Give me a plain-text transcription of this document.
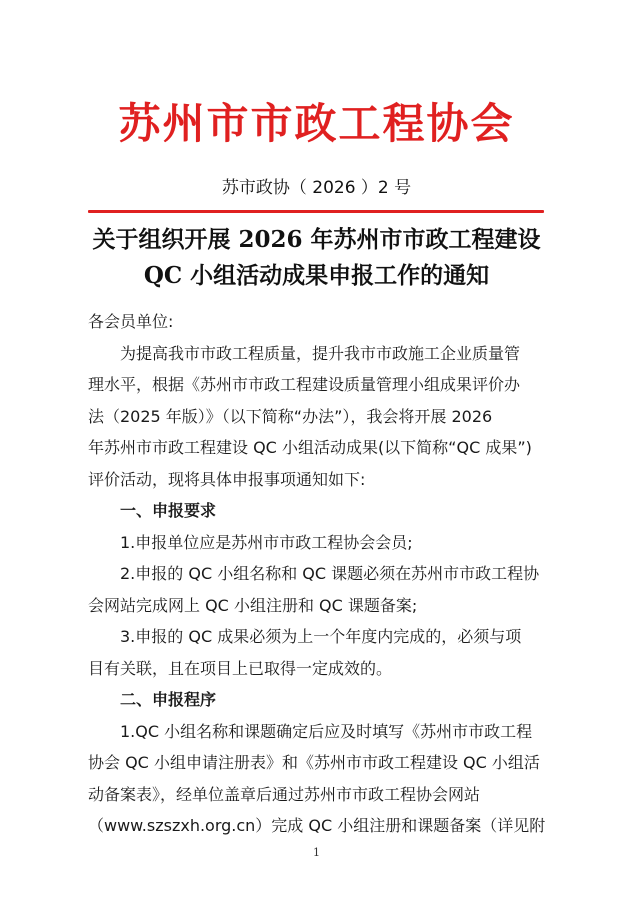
苏州市市政工程协会
苏市政协（ 2026 ）2 号
关于组织开展 2026 年苏州市市政工程建设
QC 小组活动成果申报工作的通知
各会员单位:
为提高我市市政工程质量，提升我市市政施工企业质量管
理水平，根据《苏州市市政工程建设质量管理小组成果评价办
法（2025 年版）》（以下简称“办法”），我会将开展 2026
年苏州市市政工程建设 QC 小组活动成果(以下简称“QC 成果”)
评价活动，现将具体申报事项通知如下:
一、申报要求
1.申报单位应是苏州市市政工程协会会员;
2.申报的 QC 小组名称和 QC 课题必须在苏州市市政工程协
会网站完成网上 QC 小组注册和 QC 课题备案;
3.申报的 QC 成果必须为上一个年度内完成的，必须与项
目有关联，且在项目上已取得一定成效的。
二、申报程序
1.QC 小组名称和课题确定后应及时填写《苏州市市政工程
协会 QC 小组申请注册表》和《苏州市市政工程建设 QC 小组活
动备案表》，经单位盖章后通过苏州市市政工程协会网站
（www.szszxh.org.cn）完成 QC 小组注册和课题备案（详见附
1
